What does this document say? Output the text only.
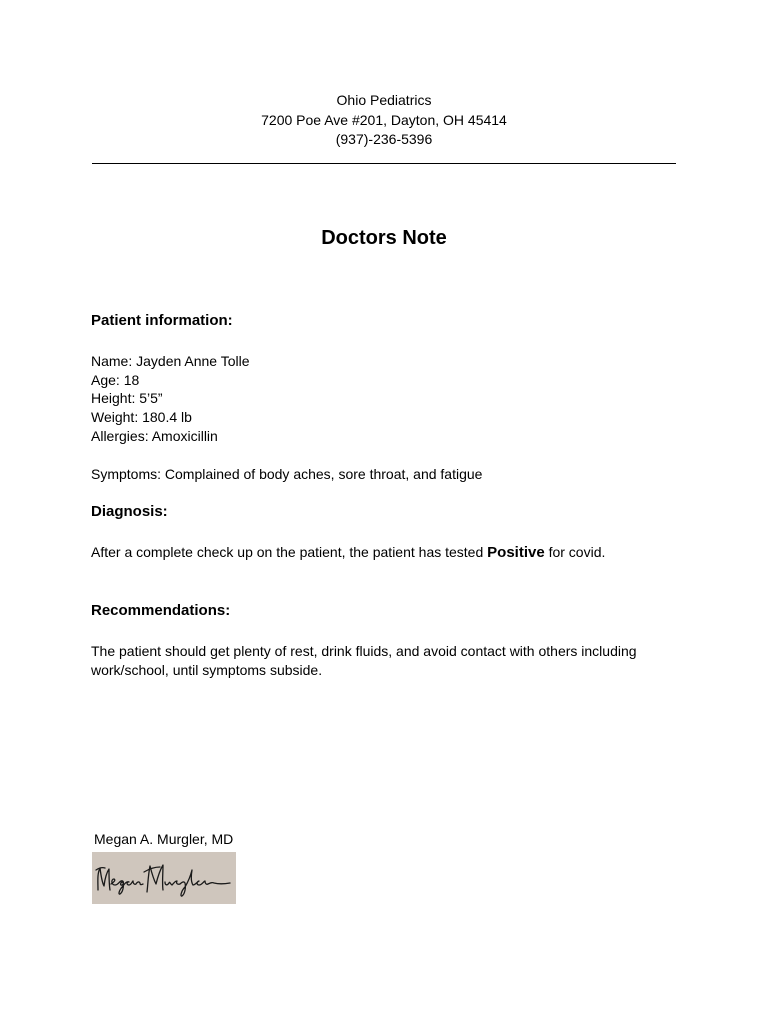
Ohio Pediatrics
7200 Poe Ave #201, Dayton, OH 45414
(937)-236-5396
Doctors Note
Patient information:
Name: Jayden Anne Tolle
Age: 18
Height: 5’5”
Weight: 180.4 lb
Allergies: Amoxicillin
Symptoms: Complained of body aches, sore throat, and fatigue
Diagnosis:
After a complete check up on the patient, the patient has tested Positive for covid.
Recommendations:
The patient should get plenty of rest, drink fluids, and avoid contact with others including work/school, until symptoms subside.
Megan A. Murgler, MD
